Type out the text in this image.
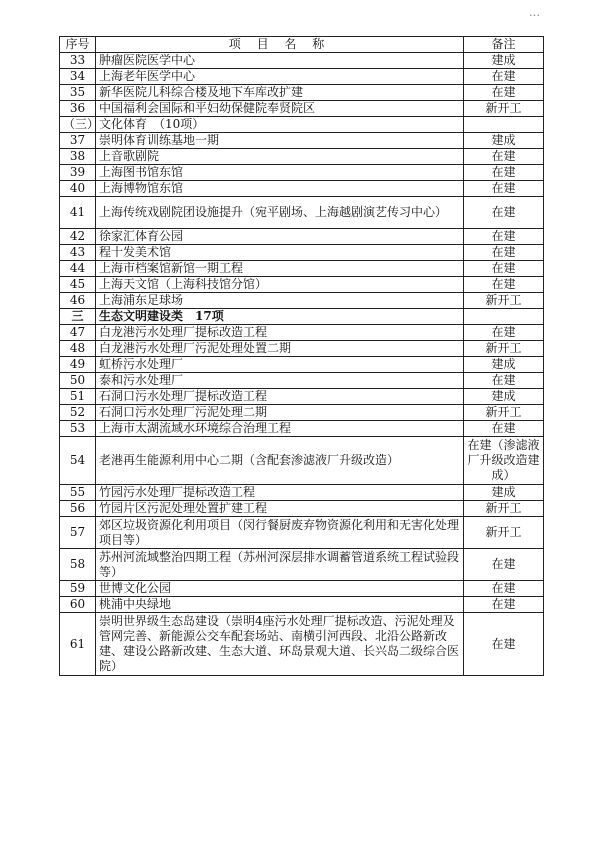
…
序号	项 目 名 称	备注
33	肿瘤医院医学中心	建成
34	上海老年医学中心	在建
35	新华医院儿科综合楼及地下车库改扩建	在建
36	中国福利会国际和平妇幼保健院奉贤院区	新开工
（三）	文化体育　（10项）	
37	崇明体育训练基地一期	建成
38	上音歌剧院	在建
39	上海图书馆东馆	在建
40	上海博物馆东馆	在建
41	上海传统戏剧院团设施提升（宛平剧场、上海越剧演艺传习中心）	在建
42	徐家汇体育公园	在建
43	程十发美术馆	在建
44	上海市档案馆新馆一期工程	在建
45	上海天文馆（上海科技馆分馆）	在建
46	上海浦东足球场	新开工
三	生态文明建设类　17项	
47	白龙港污水处理厂提标改造工程	在建
48	白龙港污水处理厂污泥处理处置二期	新开工
49	虹桥污水处理厂	建成
50	泰和污水处理厂	在建
51	石洞口污水处理厂提标改造工程	建成
52	石洞口污水处理厂污泥处理二期	新开工
53	上海市太湖流域水环境综合治理工程	在建
54	老港再生能源利用中心二期（含配套渗滤液厂升级改造）	在建（渗滤液厂升级改造建成）
55	竹园污水处理厂提标改造工程	建成
56	竹园片区污泥处理处置扩建工程	新开工
57	郊区垃圾资源化利用项目（闵行餐厨废弃物资源化利用和无害化处理项目等）	新开工
58	苏州河流域整治四期工程（苏州河深层排水调蓄管道系统工程试验段等）	在建
59	世博文化公园	在建
60	桃浦中央绿地	在建
61	崇明世界级生态岛建设（崇明4座污水处理厂提标改造、污泥处理及管网完善、新能源公交车配套场站、南横引河西段、北沿公路新改建、建设公路新改建、生态大道、环岛景观大道、长兴岛二级综合医院）	在建
